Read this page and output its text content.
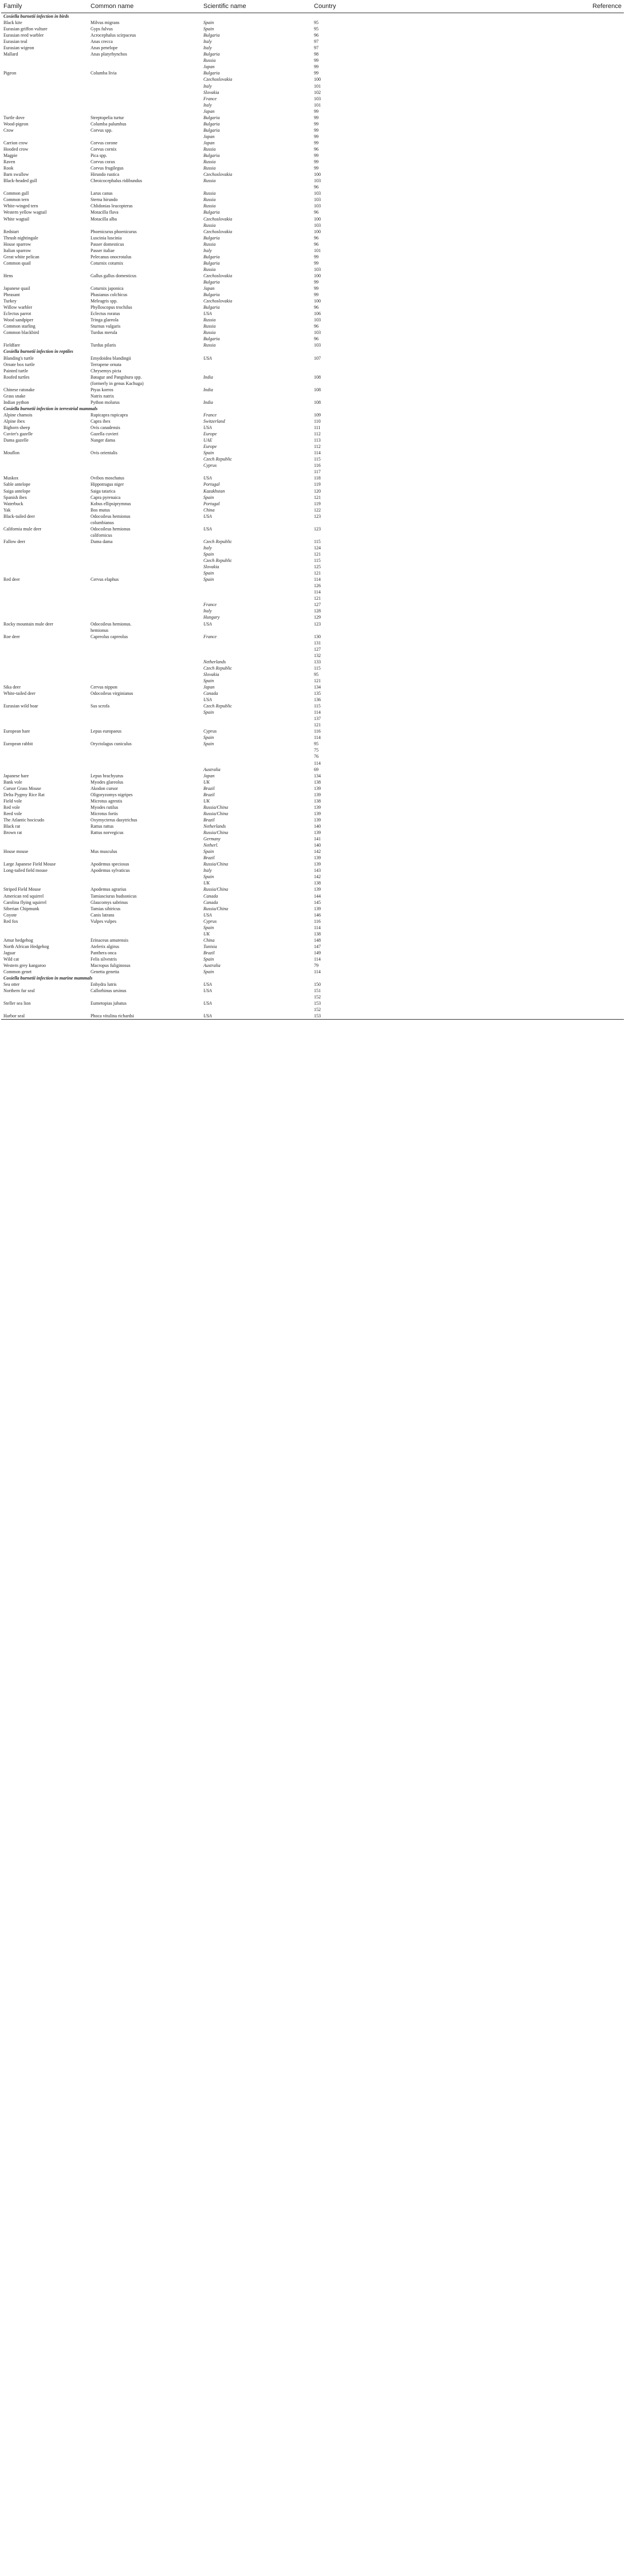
Family	Common name	Scientific name	Country	Reference
Coxiella burnetii infection in birds				
Black kite	Milvus migrans	Spain	95	
Eurasian griffon vulture	Gyps fulvus	Spain	95	
Eurasian reed warbler	Acrocephalus scirpaceus	Bulgaria	96	
Eurasian teal	Anas crecca	Italy	97	
Eurasian wigeon	Anas penelope	Italy	97	
Mallard	Anas platyrhynchos	Bulgaria	98	
		Russia	99	
		Japan	99	
Pigeon	Columba livia	Bulgaria	99	
		Czechoslovakia	100	
		Italy	101	
		Slovakia	102	
		France	103	
		Italy	101	
		Japan	99	
Turtle dove	Streptopelia turtur	Bulgaria	99	
Wood-pigeon	Columba palumbus	Bulgaria	99	
Crow	Corvus spp.	Bulgaria	99	
		Japan	99	
Carrion crow	Corvus corone	Japan	99	
Hooded crow	Corvus cornix	Russia	96	
Magpie	Pica spp.	Bulgaria	99	
Raven	Corvus corax	Russia	99	
Rook	Corvus frugilegus	Russia	99	
Barn swallow	Hirundo rustica	Czechoslovakia	100	
Black-headed gull	Chroicocephalus ridibundus	Russia	103	
			96	
Common gull	Larus canus	Russia	103	
Common tern	Sterna hirundo	Russia	103	
White-winged tern	Chlidonias leucopterus	Russia	103	
Western yellow wagtail	Motacilla flava	Bulgaria	96	
White wagtail	Motacilla alba	Czechoslovakia	100	
		Russia	103	
Redstart	Phoenicurus phoenicurus	Czechoslovakia	100	
Thrush nightingale	Luscinia luscinia	Bulgaria	96	
House sparrow	Passer domesticus	Russia	96	
Italian sparrow	Passer italiae	Italy	101	
Great white pelican	Pelecanus onocrotalus	Bulgaria	99	
Common quail	Coturnix coturnix	Bulgaria	99	
		Russia	103	
Hens	Gallus gallus domesticus	Czechoslovakia	100	
		Bulgaria	99	
Japanese quail	Coturnix japonica	Japan	99	
Pheasant	Phasianus colchicus	Bulgaria	99	
Turkey	Meleagris spp.	Czechoslovakia	100	
Willow warbler	Phylloscopus trochilus	Bulgaria	96	
Eclectus parrot	Eclectus roratus	USA	106	
Wood sandpiper	Tringa glareola	Russia	103	
Common starling	Sturnus vulgaris	Russia	96	
Common blackbird	Turdus merula	Russia	103	
		Bulgaria	96	
Fieldfare	Turdus pilaris	Russia	103	
Coxiella burnetii infection in reptiles				
Blanding's turtle	Emydoidea blandingii	USA	107	
Ornate box turtle	Terrapene ornata			
Painted turtle	Chrysemys picta			
Roofed turtles	Batagur and Pangshura spp.	India	108	
	(formerly in genus Kachuga)			
Chinese ratsnake	Ptyas korros	India	108	
Grass snake	Natrix natrix			
Indian python	Python molurus	India	108	
Coxiella burnetii infection in terrestrial mammals				
Alpine chamois	Rupicapra rupicapra	France	109	
Alpine ibex	Capra ibex	Switzerland	110	
Bighorn sheep	Ovis canadensis	USA	111	
Cuvier's gazelle	Gazella cuvieri	Europe	112	
Dama gazelle	Nanger dama	UAE	113	
		Europe	112	
Mouflon	Ovis orientalis	Spain	114	
		Czech Republic	115	
		Cyprus	116	
			117	
Muskox	Ovibos moschatus	USA	118	
Sable antelope	Hippotragus niger	Portugal	119	
Saiga antelope	Saiga tatarica	Kazakhstan	120	
Spanish ibex	Capra pyrenaica	Spain	121	
Waterbuck	Kobus ellipsiprymnus	Portugal	119	
Yak	Bos mutus	China	122	
Black-tailed deer	Odocoileus hemionus	USA	123	
	columbianus			
California mule deer	Odocoileus hemionus	USA	123	
	californicus			
Fallow deer	Dama dama	Czech Republic	115	
		Italy	124	
		Spain	121	
		Czech Republic	115	
		Slovakia	125	
		Spain	121	
Red deer	Cervus elaphus	Spain	114	
			126	
			114	
			121	
		France	127	
		Italy	128	
		Hungary	129	
Rocky mountain mule deer	Odocoileus hemionus.	USA	123	
	hemionus			
Roe deer	Capreolus capreolus	France	130	
			131	
			127	
			132	
		Netherlands	133	
		Czech Republic	115	
		Slovakia	95	
		Spain	121	
Sika deer	Cervus nippon	Japan	134	
White-tailed deer	Odocoileus virginianus	Canada	135	
		USA	136	
Eurasian wild boar	Sus scrofa	Czech Republic	115	
		Spain	114	
			137	
			121	
European hare	Lepus europaeus	Cyprus	116	
		Spain	114	
European rabbit	Oryctolagus cuniculus	Spain	95	
			75	
			76	
			114	
		Australia	69	
Japanese hare	Lepus brachyurus	Japan	134	
Bank vole	Myodes glareolus	UK	138	
Cursor Grass Mouse	Akodon cursor	Brazil	139	
Delta Pygmy Rice Rat	Oligoryzomys nigripes	Brazil	139	
Field vole	Microtus agrestis	UK	138	
Red vole	Myodes rutilus	Russia/China	139	
Reed vole	Microtus fortis	Russia/China	139	
The Atlantic hocicudo	Oxymycterus dasytrichus	Brazil	139	
Black rat	Rattus rattus	Netherlands	140	
Brown rat	Rattus norvegicus	Russia/China	139	
		Germany	141	
		Netherl.	140	
House mouse	Mus musculus	Spain	142	
		Brazil	139	
Large Japanese Field Mouse	Apodemus speciosus	Russia/China	139	
Long-tailed field mouse	Apodemus sylvaticus	Italy	143	
		Spain	142	
		UK	138	
Striped Field Mouse	Apodemus agrarius	Russia/China	139	
American red squirrel	Tamiasciurus hudsonicus	Canada	144	
Carolina flying squirrel	Glaucomys sabrinus	Canada	145	
Siberian Chipmunk	Tamias sibiricus	Russia/China	139	
Coyote	Canis latrans	USA	146	
Red fox	Vulpes vulpes	Cyprus	116	
		Spain	114	
		UK	138	
Amur hedgehog	Erinaceus amurensis	China	148	
North African Hedgehog	Atelerix algirus	Tunisia	147	
Jaguar	Panthera onca	Brazil	149	
Wild cat	Felis silvestris	Spain	114	
Western grey kangaroo	Macropus fuliginosus	Australia	79	
Common genet	Genetta genetta	Spain	114	
Coxiella burnetii infection in marine mammals				
Sea otter	Enhydra lutris	USA	150	
Northern fur seal	Callorhinus ursinus	USA	151	
			152	
Steller sea lion	Eumetopias jubatus	USA	153	
			152	
Harbor seal	Phoca vitulina richardsi	USA	153	
